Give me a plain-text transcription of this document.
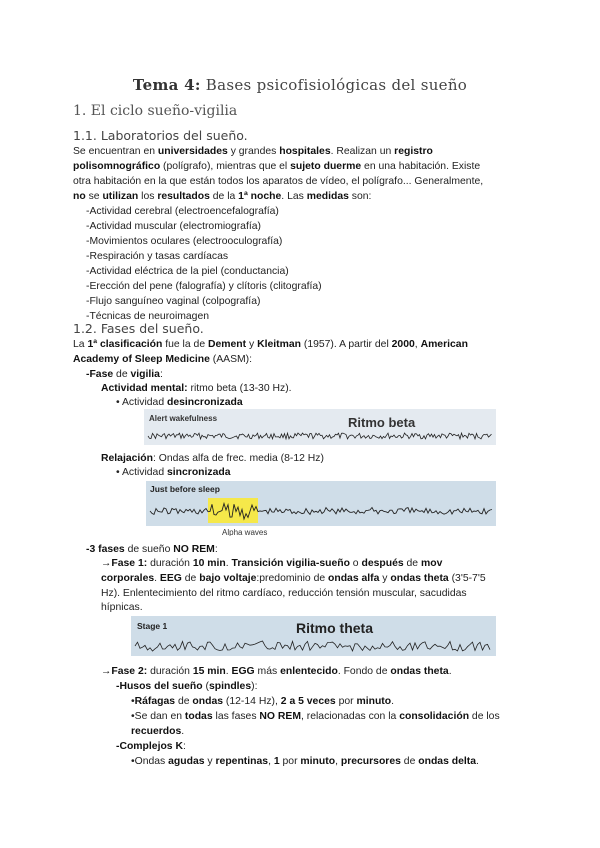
Tema 4: Bases psicofisiológicas del sueño
1. El ciclo sueño-vigilia
1.1. Laboratorios del sueño.
Se encuentran en universidades y grandes hospitales. Realizan un registro
polisomnográfico (polígrafo), mientras que el sujeto duerme en una habitación. Existe
otra habitación en la que están todos los aparatos de vídeo, el polígrafo... Generalmente,
no se utilizan los resultados de la 1ª noche. Las medidas son:
-Actividad cerebral (electroencefalografía)
-Actividad muscular (electromiografía)
-Movimientos oculares (electrooculografía)
-Respiración y tasas cardíacas
-Actividad eléctrica de la piel (conductancia)
-Erección del pene (falografía) y clítoris (clitografía)
-Flujo sanguíneo vaginal (colpografía)
-Técnicas de neuroimagen
1.2. Fases del sueño.
La 1ª clasificación fue la de Dement y Kleitman (1957). A partir del 2000, American
Academy of Sleep Medicine (AASM):
-Fase de vigilia:
Actividad mental: ritmo beta (13-30 Hz).
• Actividad desincronizada
Alert wakefulness	Ritmo beta
Relajación: Ondas alfa de frec. media (8-12 Hz)
• Actividad sincronizada
Just before sleep
Alpha waves
-3 fases de sueño NO REM:
→Fase 1: duración 10 min. Transición vigilia-sueño o después de mov
corporales. EEG de bajo voltaje:predominio de ondas alfa y ondas theta (3'5-7'5
Hz). Enlentecimiento del ritmo cardíaco, reducción tensión muscular, sacudidas
hípnicas.
Stage 1	Ritmo theta
→Fase 2: duración 15 min. EGG más enlentecido. Fondo de ondas theta.
-Husos del sueño (spindles):
•Ráfagas de ondas (12-14 Hz), 2 a 5 veces por minuto.
•Se dan en todas las fases NO REM, relacionadas con la consolidación de los
recuerdos.
-Complejos K:
•Ondas agudas y repentinas, 1 por minuto, precursores de ondas delta.
